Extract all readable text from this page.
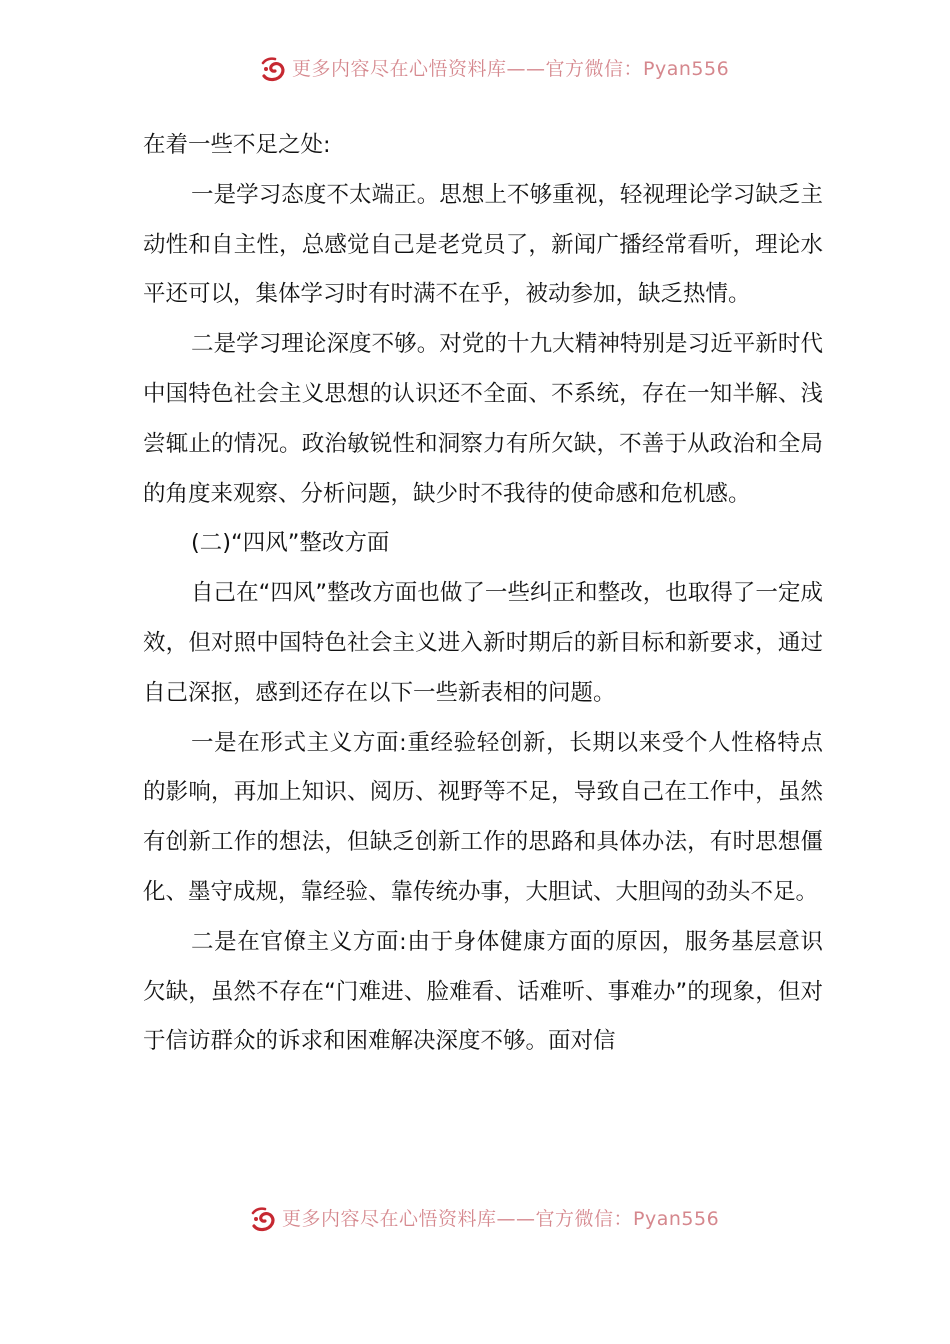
更多内容尽在心悟资料库——官方微信：Pyan556

在着一些不足之处:

一是学习态度不太端正。思想上不够重视，轻视理论学习缺乏主动性和自主性，总感觉自己是老党员了，新闻广播经常看听，理论水平还可以，集体学习时有时满不在乎，被动参加，缺乏热情。

二是学习理论深度不够。对党的十九大精神特别是习近平新时代中国特色社会主义思想的认识还不全面、不系统，存在一知半解、浅尝辄止的情况。政治敏锐性和洞察力有所欠缺，不善于从政治和全局的角度来观察、分析问题，缺少时不我待的使命感和危机感。

(二)“四风”整改方面

自己在“四风”整改方面也做了一些纠正和整改，也取得了一定成效，但对照中国特色社会主义进入新时期后的新目标和新要求，通过自己深抠，感到还存在以下一些新表相的问题。

一是在形式主义方面:重经验轻创新，长期以来受个人性格特点的影响，再加上知识、阅历、视野等不足，导致自己在工作中，虽然有创新工作的想法，但缺乏创新工作的思路和具体办法，有时思想僵化、墨守成规，靠经验、靠传统办事，大胆试、大胆闯的劲头不足。

二是在官僚主义方面:由于身体健康方面的原因，服务基层意识欠缺，虽然不存在“门难进、脸难看、话难听、事难办”的现象，但对于信访群众的诉求和困难解决深度不够。面对信

更多内容尽在心悟资料库——官方微信：Pyan556
